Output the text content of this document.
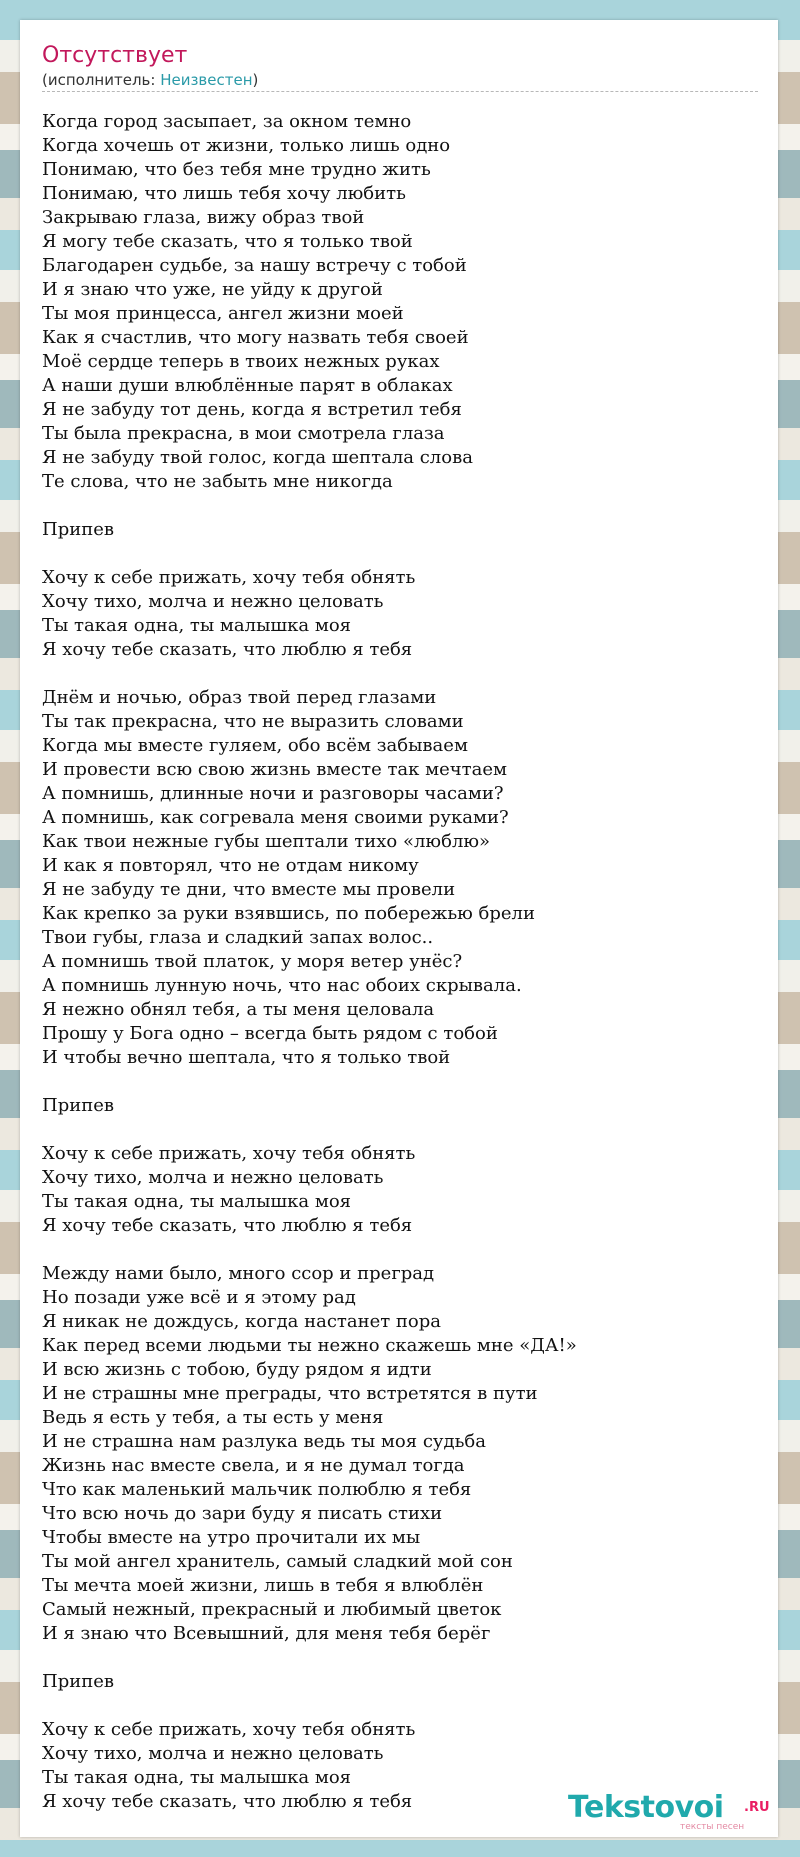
Отсутствует
(исполнитель: Неизвестен)
Когда город засыпает, за окном темно
Когда хочешь от жизни, только лишь одно
Понимаю, что без тебя мне трудно жить
Понимаю, что лишь тебя хочу любить
Закрываю глаза, вижу образ твой
Я могу тебе сказать, что я только твой
Благодарен судьбе, за нашу встречу с тобой
И я знаю что уже, не уйду к другой
Ты моя принцесса, ангел жизни моей
Как я счастлив, что могу назвать тебя своей
Моё сердце теперь в твоих нежных руках
А наши души влюблённые парят в облаках
Я не забуду тот день, когда я встретил тебя
Ты была прекрасна, в мои смотрела глаза
Я не забуду твой голос, когда шептала слова
Те слова, что не забыть мне никогда
Припев
Хочу к себе прижать, хочу тебя обнять
Хочу тихо, молча и нежно целовать
Ты такая одна, ты малышка моя
Я хочу тебе сказать, что люблю я тебя
Днём и ночью, образ твой перед глазами
Ты так прекрасна, что не выразить словами
Когда мы вместе гуляем, обо всём забываем
И провести всю свою жизнь вместе так мечтаем
А помнишь, длинные ночи и разговоры часами?
А помнишь, как согревала меня своими руками?
Как твои нежные губы шептали тихо «люблю»
И как я повторял, что не отдам никому
Я не забуду те дни, что вместе мы провели
Как крепко за руки взявшись, по побережью брели
Твои губы, глаза и сладкий запах волос..
А помнишь твой платок, у моря ветер унёс?
А помнишь лунную ночь, что нас обоих скрывала.
Я нежно обнял тебя, а ты меня целовала
Прошу у Бога одно – всегда быть рядом с тобой
И чтобы вечно шептала, что я только твой
Припев
Хочу к себе прижать, хочу тебя обнять
Хочу тихо, молча и нежно целовать
Ты такая одна, ты малышка моя
Я хочу тебе сказать, что люблю я тебя
Между нами было, много ссор и преград
Но позади уже всё и я этому рад
Я никак не дождусь, когда настанет пора
Как перед всеми людьми ты нежно скажешь мне «ДА!»
И всю жизнь с тобою, буду рядом я идти
И не страшны мне преграды, что встретятся в пути
Ведь я есть у тебя, а ты есть у меня
И не страшна нам разлука ведь ты моя судьба
Жизнь нас вместе свела, и я не думал тогда
Что как маленький мальчик полюблю я тебя
Что всю ночь до зари буду я писать стихи
Чтобы вместе на утро прочитали их мы
Ты мой ангел хранитель, самый сладкий мой сон
Ты мечта моей жизни, лишь в тебя я влюблён
Самый нежный, прекрасный и любимый цветок
И я знаю что Всевышний, для меня тебя берёг
Припев
Хочу к себе прижать, хочу тебя обнять
Хочу тихо, молча и нежно целовать
Ты такая одна, ты малышка моя
Я хочу тебе сказать, что люблю я тебя	Tekstovoi .RU
тексты песен
